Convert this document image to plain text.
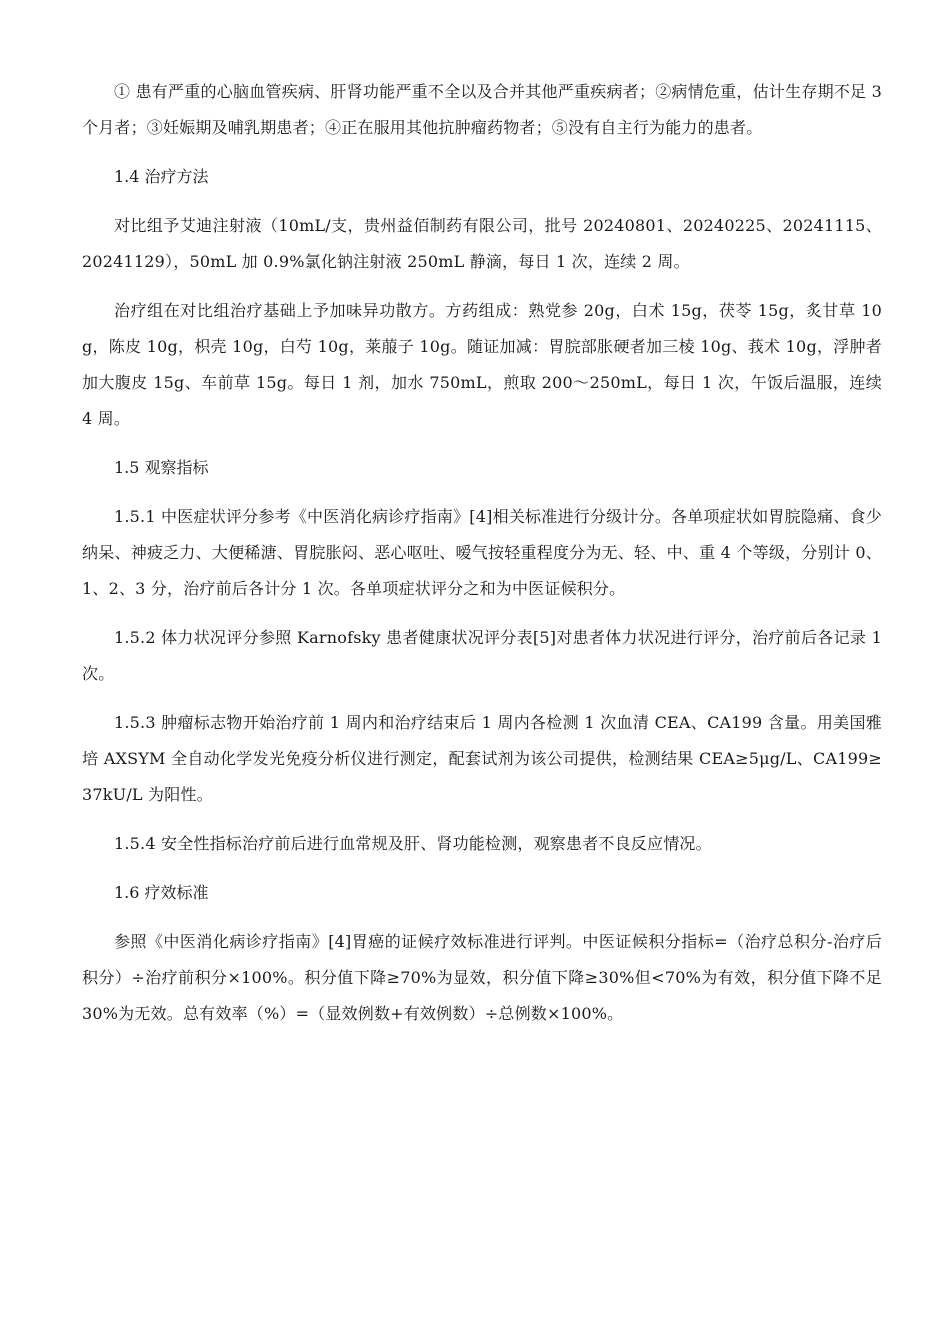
① 患有严重的心脑血管疾病、肝肾功能严重不全以及合并其他严重疾病者；②病情危重，估计生存期不足 3 个月者；③妊娠期及哺乳期患者；④正在服用其他抗肿瘤药物者；⑤没有自主行为能力的患者。

1.4 治疗方法

对比组予艾迪注射液（10mL/支，贵州益佰制药有限公司，批号 20240801、20240225、20241115、20241129），50mL 加 0.9%氯化钠注射液 250mL 静滴，每日 1 次，连续 2 周。

治疗组在对比组治疗基础上予加味异功散方。方药组成：熟党参 20g，白术 15g，茯苓 15g，炙甘草 10g，陈皮 10g，枳壳 10g，白芍 10g，莱菔子 10g。随证加减：胃脘部胀硬者加三棱 10g、莪术 10g，浮肿者加大腹皮 15g、车前草 15g。每日 1 剂，加水 750mL，煎取 200～250mL，每日 1 次，午饭后温服，连续 4 周。

1.5 观察指标

1.5.1 中医症状评分参考《中医消化病诊疗指南》[4]相关标准进行分级计分。各单项症状如胃脘隐痛、食少纳呆、神疲乏力、大便稀溏、胃脘胀闷、恶心呕吐、嗳气按轻重程度分为无、轻、中、重 4 个等级，分别计 0、1、2、3 分，治疗前后各计分 1 次。各单项症状评分之和为中医证候积分。

1.5.2 体力状况评分参照 Karnofsky 患者健康状况评分表[5]对患者体力状况进行评分，治疗前后各记录 1 次。

1.5.3 肿瘤标志物开始治疗前 1 周内和治疗结束后 1 周内各检测 1 次血清 CEA、CA199 含量。用美国雅培 AXSYM 全自动化学发光免疫分析仪进行测定，配套试剂为该公司提供，检测结果 CEA≥5μg/L、CA199≥37kU/L 为阳性。

1.5.4 安全性指标治疗前后进行血常规及肝、肾功能检测，观察患者不良反应情况。

1.6 疗效标准

参照《中医消化病诊疗指南》[4]胃癌的证候疗效标准进行评判。中医证候积分指标=（治疗总积分-治疗后积分）÷治疗前积分×100%。积分值下降≥70%为显效，积分值下降≥30%但<70%为有效，积分值下降不足 30%为无效。总有效率（%）=（显效例数+有效例数）÷总例数×100%。
